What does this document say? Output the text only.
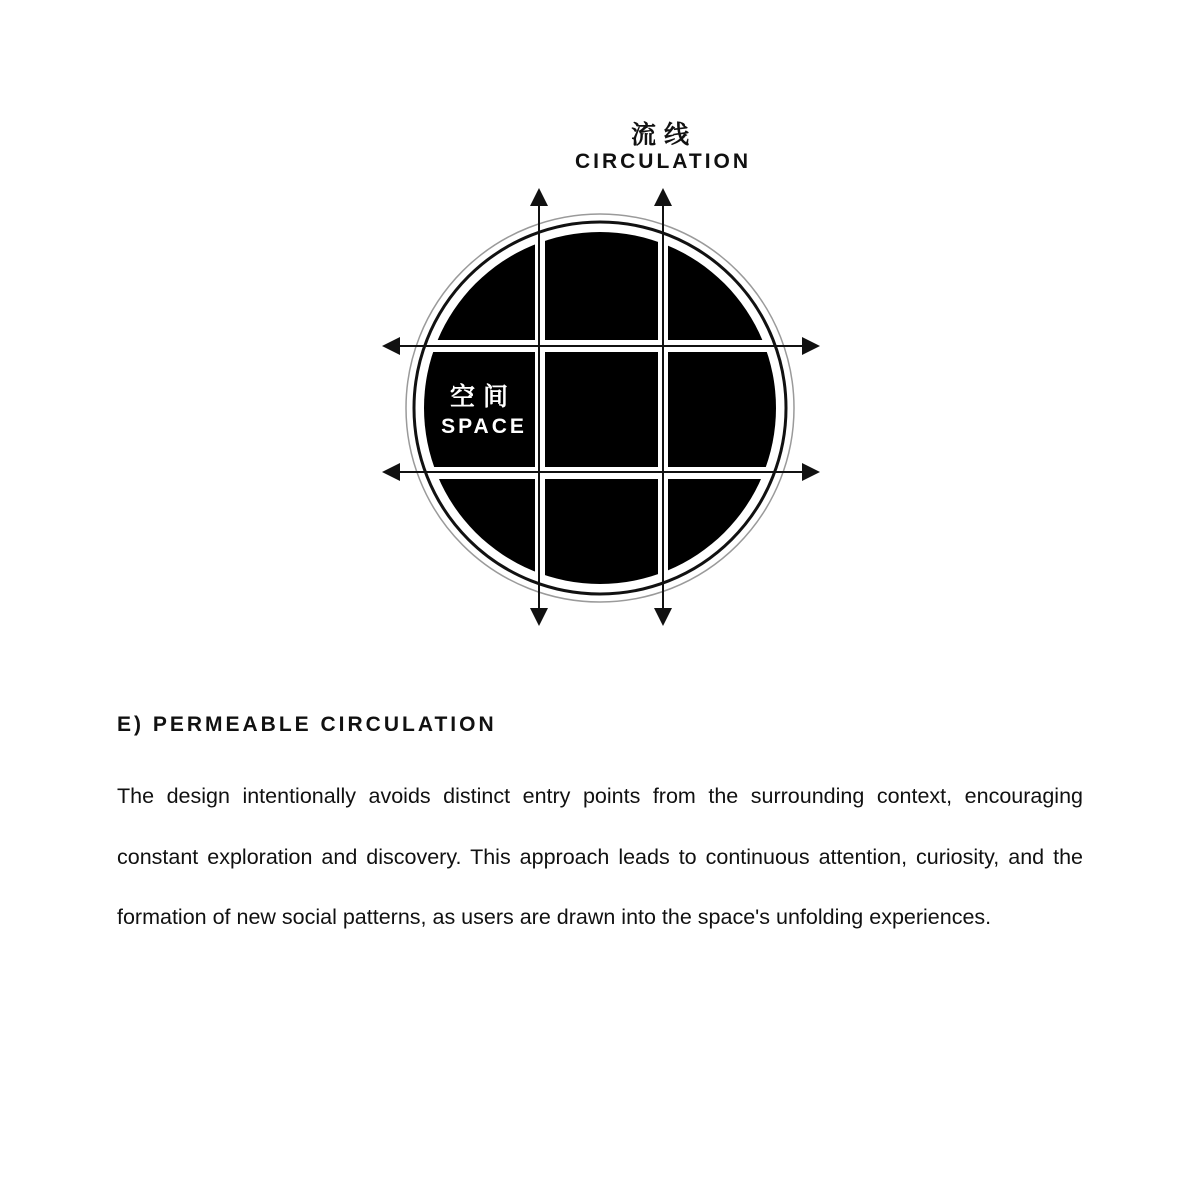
流线
CIRCULATION
空间
SPACE
E) PERMEABLE CIRCULATION

The design intentionally avoids distinct entry points from the surrounding context, encouraging constant exploration and discovery. This approach leads to continuous attention, curiosity, and the formation of new social patterns, as users are drawn into the space's unfolding experiences.
